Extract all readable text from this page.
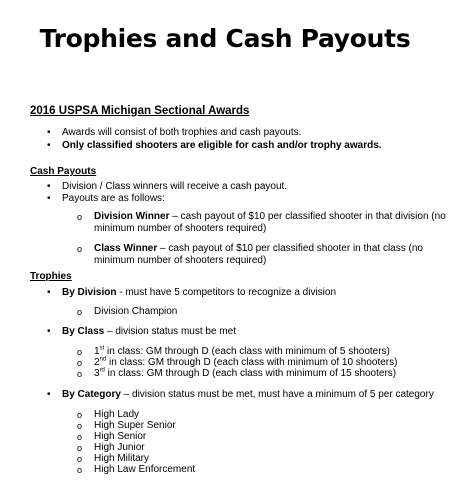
Trophies and Cash Payouts
2016 USPSA Michigan Sectional Awards
• Awards will consist of both trophies and cash payouts.
• Only classified shooters are eligible for cash and/or trophy awards.
Cash Payouts
• Division / Class winners will receive a cash payout.
• Payouts are as follows:
o Division Winner – cash payout of $10 per classified shooter in that division (no
minimum number of shooters required)
o Class Winner – cash payout of $10 per classified shooter in that class (no
minimum number of shooters required)
Trophies
• By Division - must have 5 competitors to recognize a division
o Division Champion
• By Class – division status must be met
o 1st in class: GM through D (each class with minimum of 5 shooters)
o 2nd in class: GM through D (each class with minimum of 10 shooters)
o 3rd in class: GM through D (each class with minimum of 15 shooters)
• By Category – division status must be met, must have a minimum of 5 per category
o High Lady
o High Super Senior
o High Senior
o High Junior
o High Military
o High Law Enforcement
